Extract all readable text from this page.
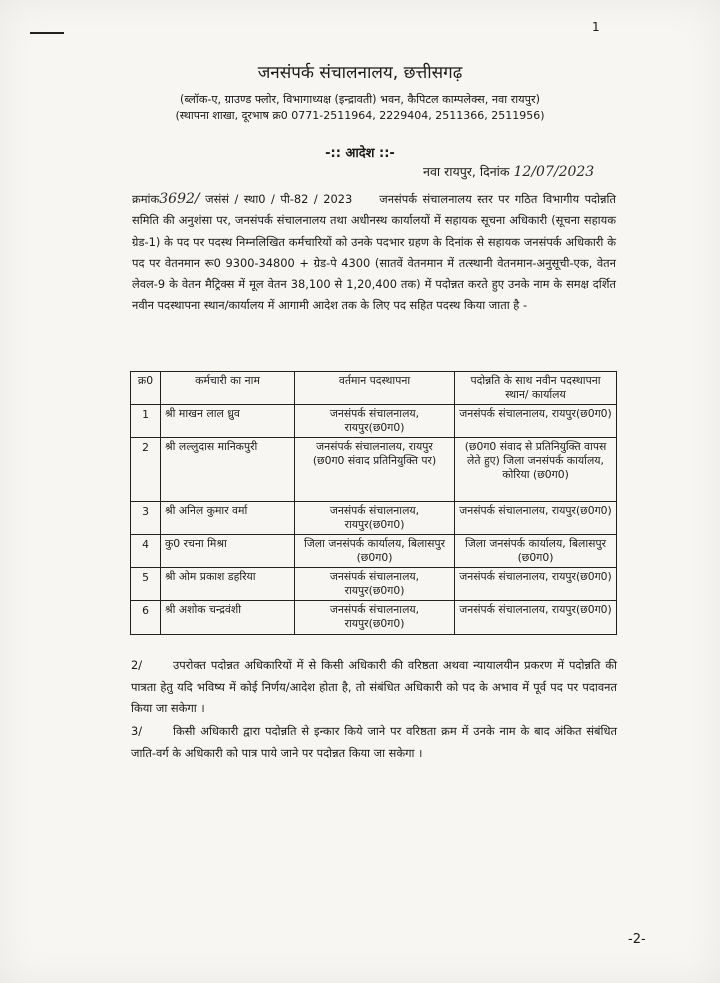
1
जनसंपर्क संचालनालय, छत्तीसगढ़
(ब्लॉक-ए, ग्राउण्ड फ्लोर, विभागाध्यक्ष (इन्द्रावती) भवन, कैपिटल काम्पलेक्स, नवा रायपुर)
(स्थापना शाखा, दूरभाष क्र0 0771-2511964, 2229404, 2511366, 2511956)
-:: आदेश ::-
नवा रायपुर, दिनांक 12/07/2023
क्रमांक3692/ जसंसं / स्था0 / पी-82 / 2023 जनसंपर्क संचालनालय स्तर पर गठित विभागीय पदोन्नति समिति की अनुशंसा पर, जनसंपर्क संचालनालय तथा अधीनस्थ कार्यालयों में सहायक सूचना अधिकारी (सूचना सहायक ग्रेड-1) के पद पर पदस्थ निम्नलिखित कर्मचारियों को उनके पदभार ग्रहण के दिनांक से सहायक जनसंपर्क अधिकारी के पद पर वेतनमान रू0 9300-34800 + ग्रेड-पे 4300 (सातवें वेतनमान में तत्स्थानी वेतनमान-अनुसूची-एक, वेतन लेवल-9 के वेतन मैट्रिक्स में मूल वेतन 38,100 से 1,20,400 तक) में पदोन्नत करते हुए उनके नाम के समक्ष दर्शित नवीन पदस्थापना स्थान/कार्यालय में आगामी आदेश तक के लिए पद सहित पदस्थ किया जाता है -
क्र0	कर्मचारी का नाम	वर्तमान पदस्थापना	पदोन्नति के साथ नवीन पदस्थापना स्थान/ कार्यालय
1	श्री माखन लाल ध्रुव	जनसंपर्क संचालनालय, रायपुर(छ0ग0)	जनसंपर्क संचालनालय, रायपुर(छ0ग0)
2	श्री लल्लुदास मानिकपुरी	जनसंपर्क संचालनालय, रायपुर (छ0ग0 संवाद प्रतिनियुक्ति पर)	(छ0ग0 संवाद से प्रतिनियुक्ति वापस लेते हुए) जिला जनसंपर्क कार्यालय, कोरिया (छ0ग0)
3	श्री अनिल कुमार वर्मा	जनसंपर्क संचालनालय, रायपुर(छ0ग0)	जनसंपर्क संचालनालय, रायपुर(छ0ग0)
4	कु0 रचना मिश्रा	जिला जनसंपर्क कार्यालय, बिलासपुर (छ0ग0)	जिला जनसंपर्क कार्यालय, बिलासपुर (छ0ग0)
5	श्री ओम प्रकाश डहरिया	जनसंपर्क संचालनालय, रायपुर(छ0ग0)	जनसंपर्क संचालनालय, रायपुर(छ0ग0)
6	श्री अशोक चन्द्रवंशी	जनसंपर्क संचालनालय, रायपुर(छ0ग0)	जनसंपर्क संचालनालय, रायपुर(छ0ग0)
2/	उपरोक्त पदोन्नत अधिकारियों में से किसी अधिकारी की वरिष्ठता अथवा न्यायालयीन प्रकरण में पदोन्नति की पात्रता हेतु यदि भविष्य में कोई निर्णय/आदेश होता है, तो संबंधित अधिकारी को पद के अभाव में पूर्व पद पर पदावनत किया जा सकेगा ।
3/	किसी अधिकारी द्वारा पदोन्नति से इन्कार किये जाने पर वरिष्ठता क्रम में उनके नाम के बाद अंकित संबंधित जाति-वर्ग के अधिकारी को पात्र पाये जाने पर पदोन्नत किया जा सकेगा ।
-2-
